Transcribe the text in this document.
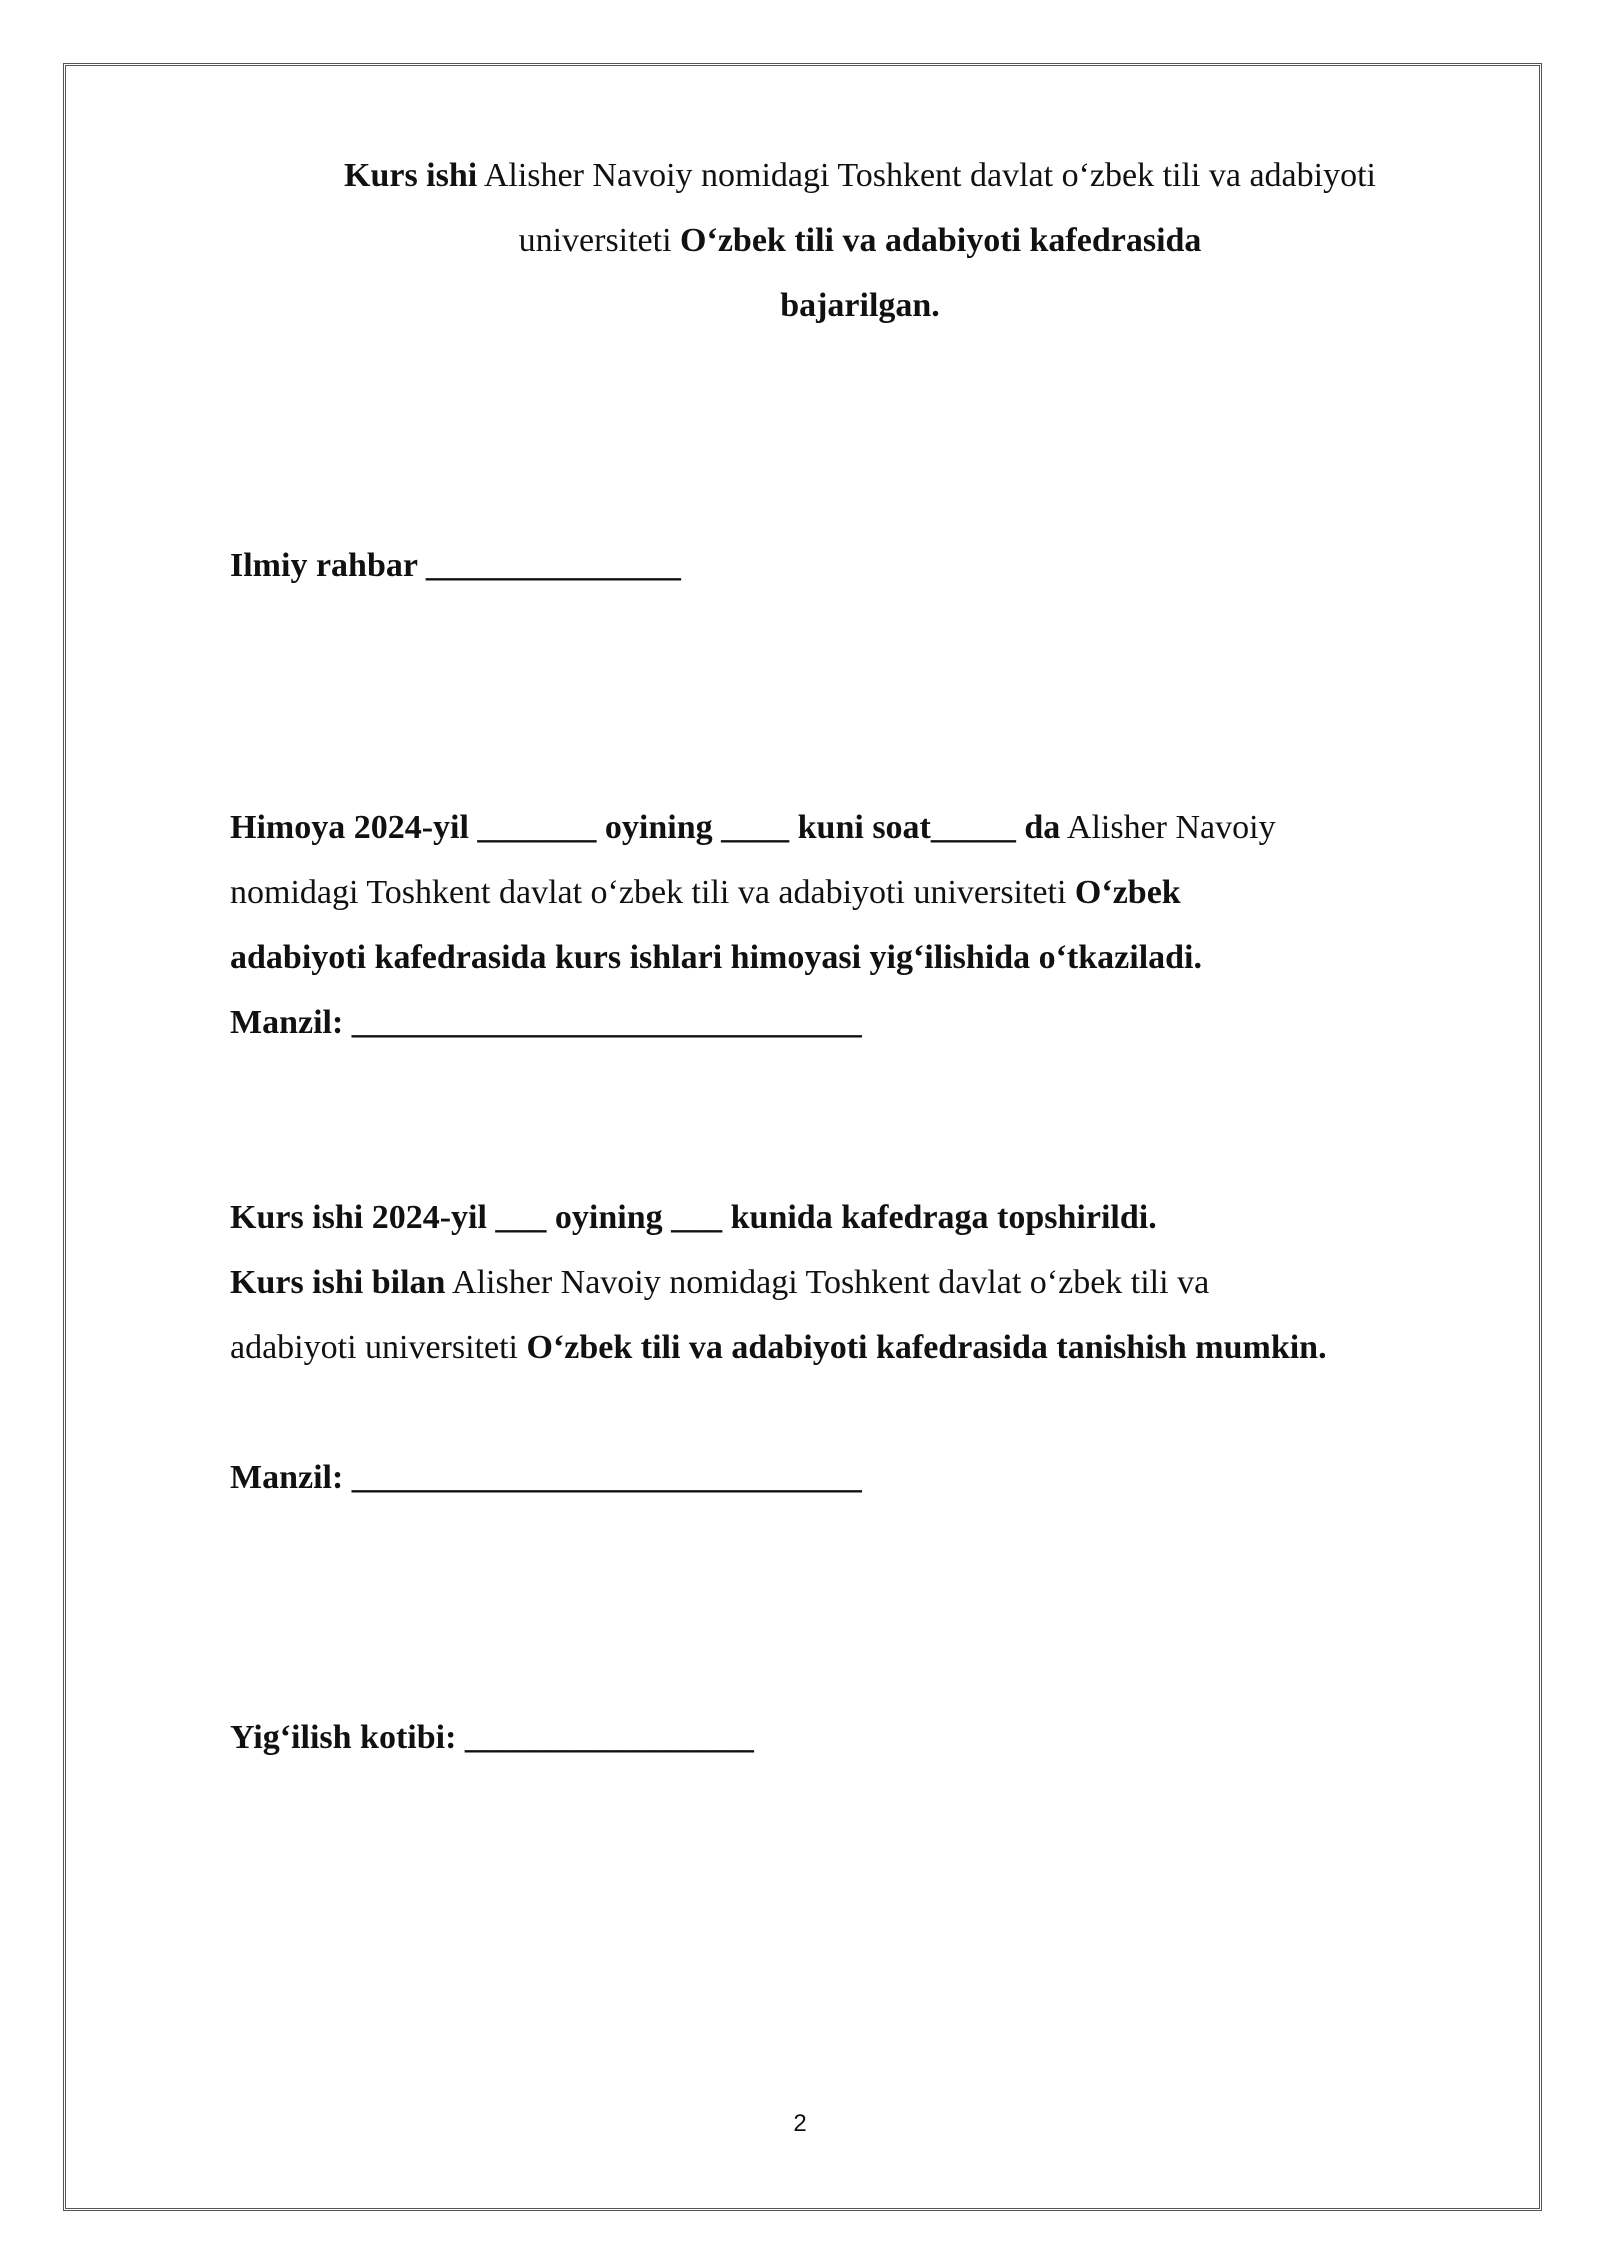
Kurs ishi Alisher Navoiy nomidagi Toshkent davlat o‘zbek tili va adabiyoti
universiteti O‘zbek tili va adabiyoti kafedrasida
bajarilgan.
Ilmiy rahbar _______________
Himoya 2024-yil _______ oyining ____ kuni soat_____ da Alisher Navoiy
nomidagi Toshkent davlat o‘zbek tili va adabiyoti universiteti O‘zbek
adabiyoti kafedrasida kurs ishlari himoyasi yig‘ilishida o‘tkaziladi.
Manzil: ______________________________
Kurs ishi 2024-yil ___ oyining ___ kunida kafedraga topshirildi.
Kurs ishi bilan Alisher Navoiy nomidagi Toshkent davlat o‘zbek tili va
adabiyoti universiteti O‘zbek tili va adabiyoti kafedrasida tanishish mumkin.
Manzil: ______________________________
Yig‘ilish kotibi: _________________
2
